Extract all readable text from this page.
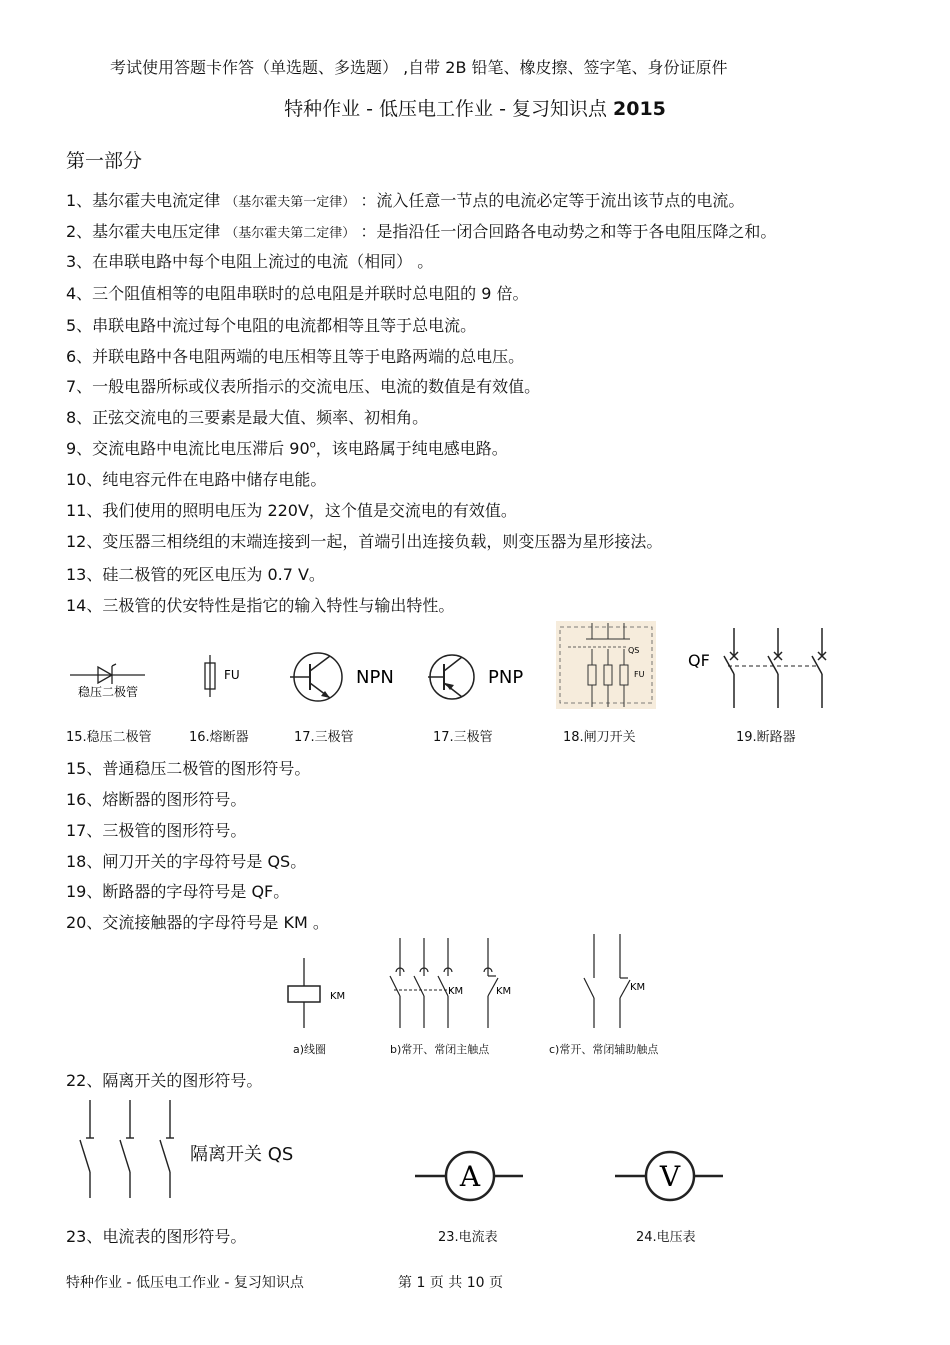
考试使用答题卡作答（单选题、多选题） ,自带 2B 铅笔、橡皮擦、签字笔、身份证原件
特种作业 - 低压电工作业 - 复习知识点 2015
第一部分
1、基尔霍夫电流定律 （基尔霍夫第一定律） ：流入任意一节点的电流必定等于流出该节点的电流。
2、基尔霍夫电压定律 （基尔霍夫第二定律） ：是指沿任一闭合回路各电动势之和等于各电阻压降之和。
3、在串联电路中每个电阻上流过的电流（相同） 。
4、三个阻值相等的电阻串联时的总电阻是并联时总电阻的 9 倍。
5、串联电路中流过每个电阻的电流都相等且等于总电流。
6、并联电路中各电阻两端的电压相等且等于电路两端的总电压。
7、一般电器所标或仪表所指示的交流电压、电流的数值是有效值。
8、正弦交流电的三要素是最大值、频率、初相角。
9、交流电路中电流比电压滞后 90$^o$，该电路属于纯电感电路。
10、纯电容元件在电路中储存电能。
11、我们使用的照明电压为 220V，这个值是交流电的有效值。
12、变压器三相绕组的末端连接到一起，首端引出连接负载，则变压器为星形接法。
13、硅二极管的死区电压为 0.7 V。
14、三极管的伏安特性是指它的输入特性与输出特性。
稳压二极管
FU	NPN	PNP
QS
FU
QF
15.稳压二极管	16.熔断器	17.三极管	17.三极管	18.闸刀开关	19.断路器
15、普通稳压二极管的图形符号。
16、熔断器的图形符号。
17、三极管的图形符号。
18、闸刀开关的字母符号是 QS。
19、断路器的字母符号是 QF。
20、交流接触器的字母符号是 KM 。
KM	KM	KM	KM
a)线圈	b)常开、常闭主触点	c)常开、常闭辅助触点
22、隔离开关的图形符号。
隔离开关 QS
A	V
23、电流表的图形符号。	23.电流表	24.电压表
特种作业 - 低压电工作业 - 复习知识点	第 1 页 共 10 页
